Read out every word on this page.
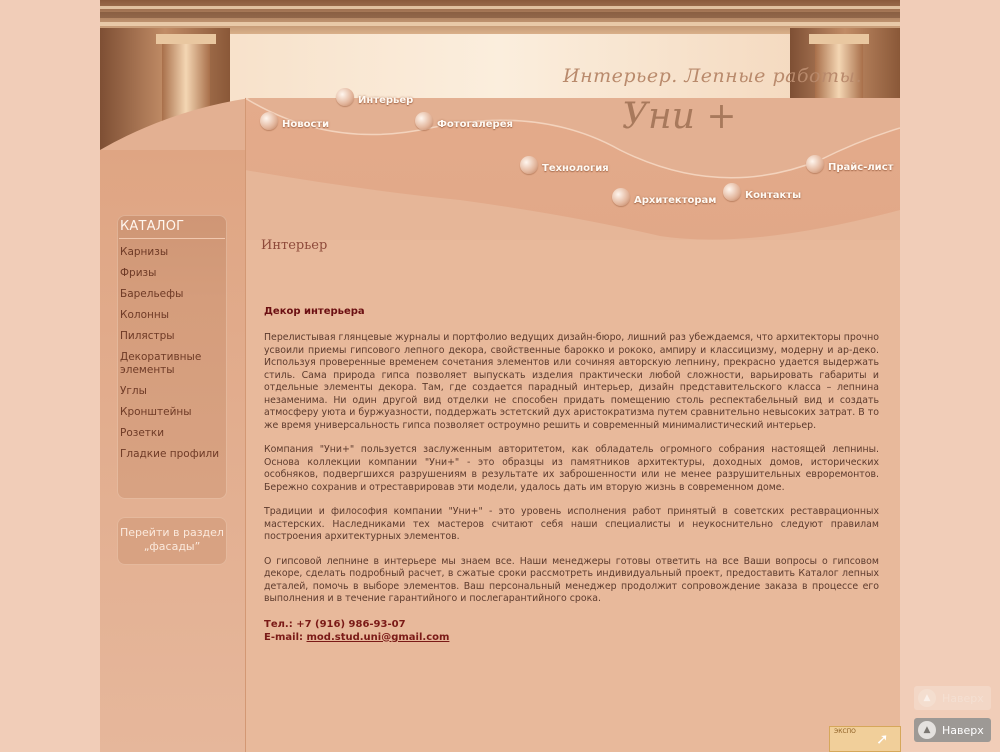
Интерьер. Лепные работы.
Уни +
Интерьер
Новости	Фотогалерея
Технология	Прайс-лист
Архитекторам	Контакты
КАТАЛОГ
Карнизы
Фризы
Барельефы
Колонны
Пилястры
Декоративные элементы
Углы
Кронштейны
Розетки
Гладкие профили
Перейти в раздел „фасады”
Интерьер
Декор интерьера

Перелистывая глянцевые журналы и портфолио ведущих дизайн-бюро, лишний раз убеждаемся, что архитекторы прочно усвоили приемы гипсового лепного декора, свойственные барокко и рококо, ампиру и классицизму, модерну и ар-деко. Используя проверенные временем сочетания элементов или сочиняя авторскую лепнину, прекрасно удается выдержать стиль. Сама природа гипса позволяет выпускать изделия практически любой сложности, варьировать габариты и отдельные элементы декора. Там, где создается парадный интерьер, дизайн представительского класса – лепнина незаменима. Ни один другой вид отделки не способен придать помещению столь респектабельный вид и создать атмосферу уюта и буржуазности, поддержать эстетский дух аристократизма путем сравнительно невысоких затрат. В то же время универсальность гипса позволяет остроумно решить и современный минималистический интерьер.

Компания "Уни+" пользуется заслуженным авторитетом, как обладатель огромного собрания настоящей лепнины. Основа коллекции компании "Уни+" - это образцы из памятников архитектуры, доходных домов, исторических особняков, подвергшихся разрушениям в результате их заброшенности или не менее разрушительных евроремонтов. Бережно сохранив и отреставрировав эти модели, удалось дать им вторую жизнь в современном доме.

Традиции и философия компании "Уни+" - это уровень исполнения работ принятый в советских реставрационных мастерских. Наследниками тех мастеров считают себя наши специалисты и неукоснительно следуют правилам построения архитектурных элементов.

О гипсовой лепнине в интерьере мы знаем все. Наши менеджеры готовы ответить на все Ваши вопросы о гипсовом декоре, сделать подробный расчет, в сжатые сроки рассмотреть индивидуальный проект, предоставить Каталог лепных деталей, помочь в выборе элементов. Ваш персональный менеджер продолжит сопровождение заказа в процессе его выполнения и в течение гарантийного и послегарантийного срока.

Тел.: +7 (916) 986-93-07
E-mail: mod.stud.uni@gmail.com
ЭКСПО ➚
▲	Наверх
▲	Наверх
